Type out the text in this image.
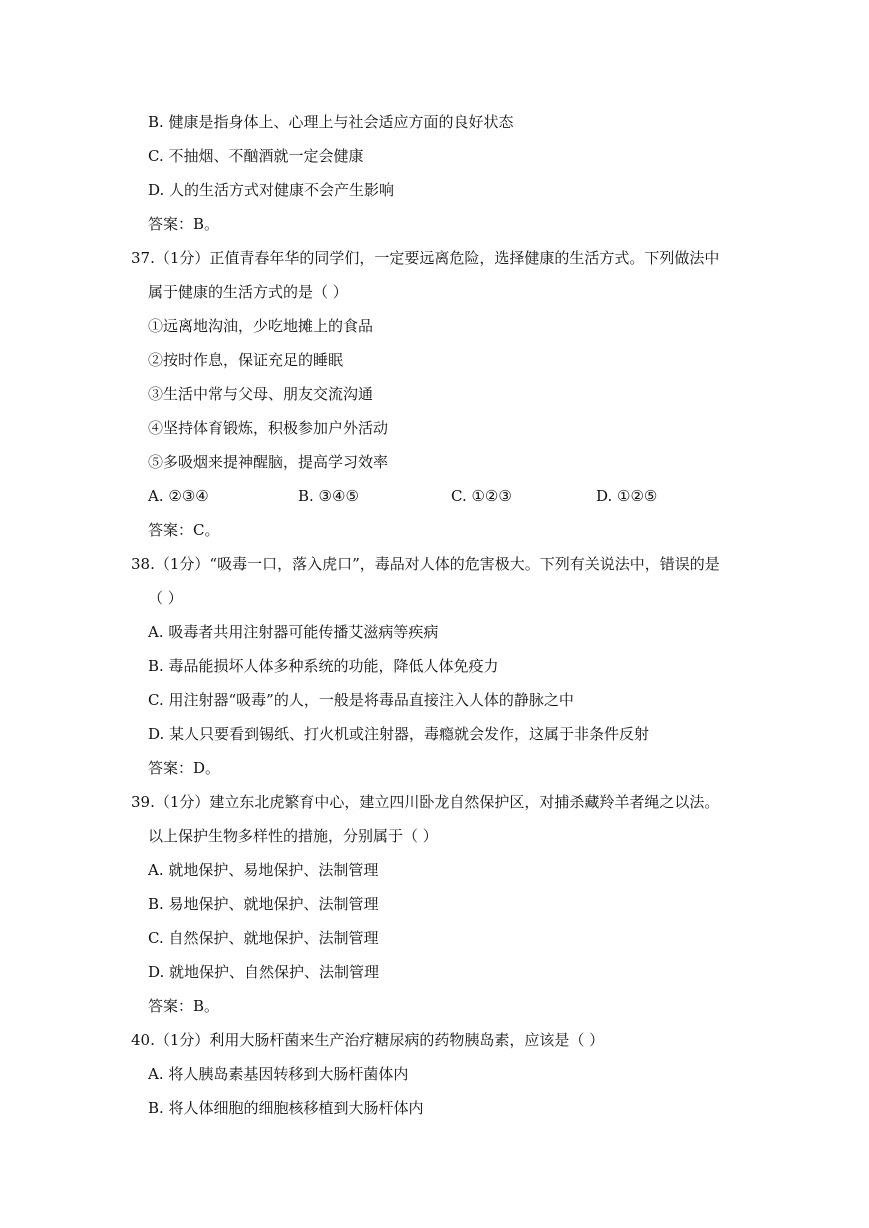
B. 健康是指身体上、心理上与社会适应方面的良好状态
C. 不抽烟、不酗酒就一定会健康
D. 人的生活方式对健康不会产生影响
答案：B。
37.（1分）正值青春年华的同学们，一定要远离危险，选择健康的生活方式。下列做法中
属于健康的生活方式的是（ ）
①远离地沟油，少吃地摊上的食品
②按时作息，保证充足的睡眠
③生活中常与父母、朋友交流沟通
④坚持体育锻炼，积极参加户外活动
⑤多吸烟来提神醒脑，提高学习效率
A. ②③④	B. ③④⑤	C. ①②③	D. ①②⑤
答案：C。
38.（1分）“吸毒一口，落入虎口”，毒品对人体的危害极大。下列有关说法中，错误的是
（ ）
A. 吸毒者共用注射器可能传播艾滋病等疾病
B. 毒品能损坏人体多种系统的功能，降低人体免疫力
C. 用注射器“吸毒”的人，一般是将毒品直接注入人体的静脉之中
D. 某人只要看到锡纸、打火机或注射器，毒瘾就会发作，这属于非条件反射
答案：D。
39.（1分）建立东北虎繁育中心，建立四川卧龙自然保护区，对捕杀藏羚羊者绳之以法。
以上保护生物多样性的措施，分别属于（ ）
A. 就地保护、易地保护、法制管理
B. 易地保护、就地保护、法制管理
C. 自然保护、就地保护、法制管理
D. 就地保护、自然保护、法制管理
答案：B。
40.（1分）利用大肠杆菌来生产治疗糖尿病的药物胰岛素，应该是（ ）
A. 将人胰岛素基因转移到大肠杆菌体内
B. 将人体细胞的细胞核移植到大肠杆体内
